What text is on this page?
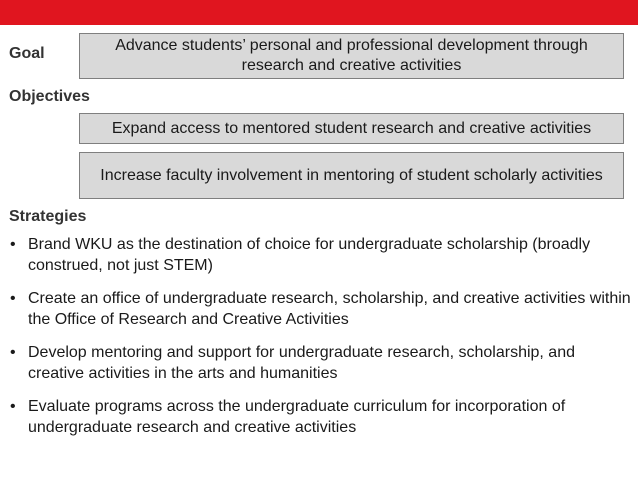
Goal	Advance students’ personal and professional development through research and creative activities
Objectives
Expand access to mentored student research and creative activities
Increase faculty involvement in mentoring of student scholarly activities
Strategies
• Brand WKU as the destination of choice for undergraduate scholarship (broadly construed, not just STEM)
• Create an office of undergraduate research, scholarship, and creative activities within the Office of Research and Creative Activities
• Develop mentoring and support for undergraduate research, scholarship, and creative activities in the arts and humanities
• Evaluate programs across the undergraduate curriculum for incorporation of undergraduate research and creative activities
